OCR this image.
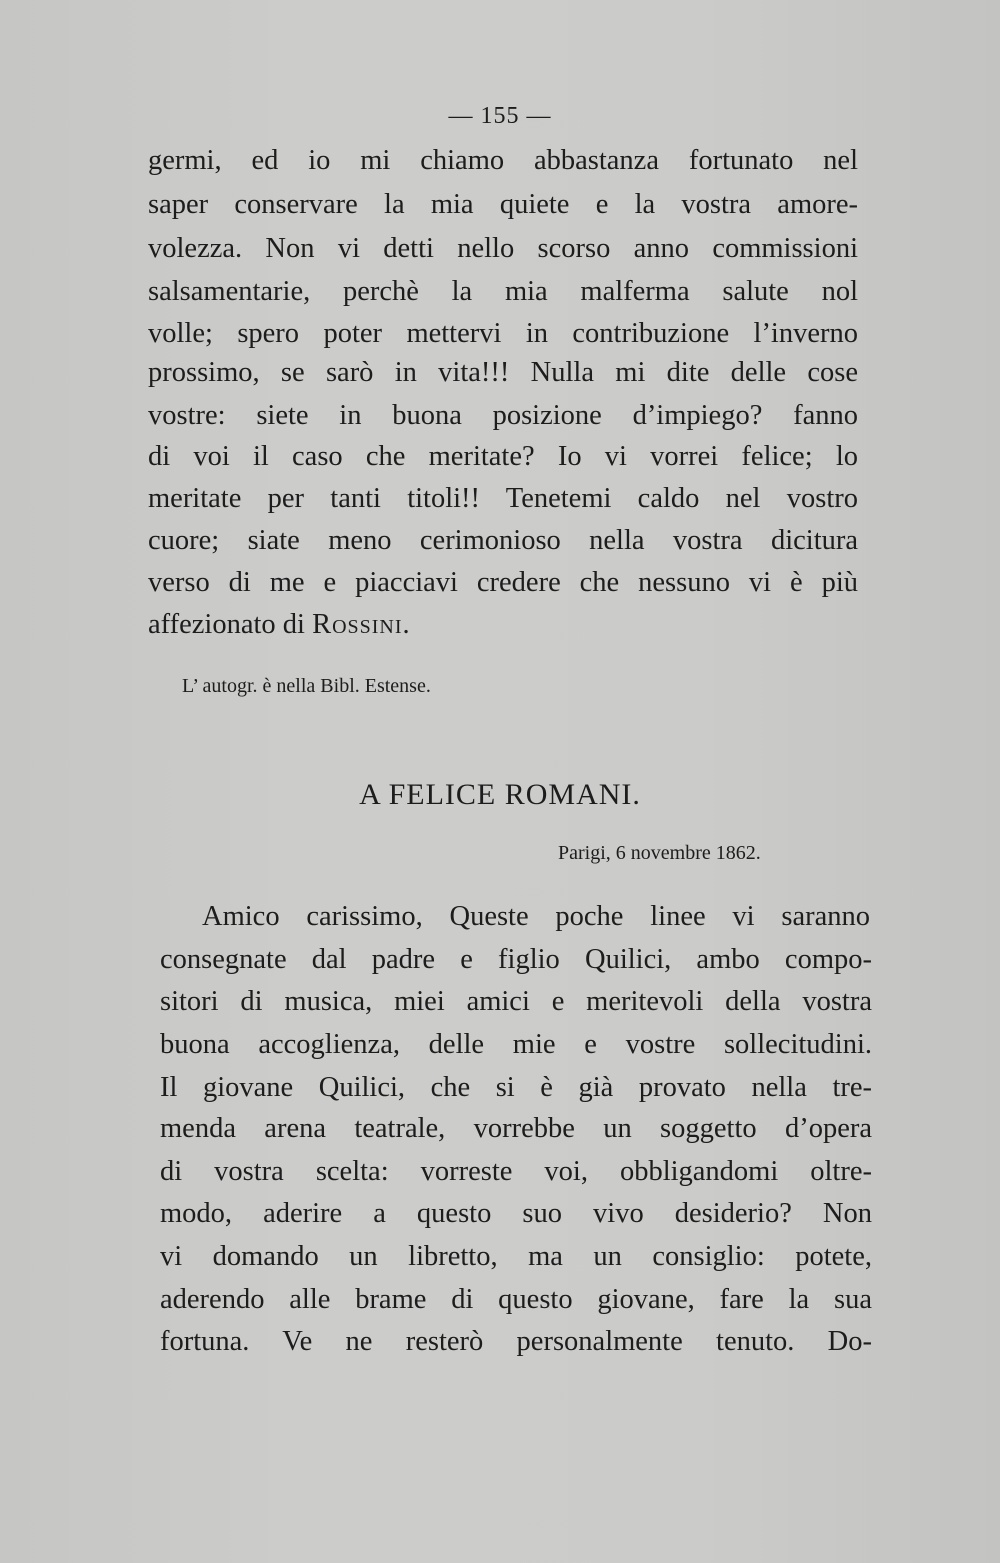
— 155 —
germi, ed io mi chiamo abbastanza fortunato nel
saper conservare la mia quiete e la vostra amore-
volezza. Non vi detti nello scorso anno commissioni
salsamentarie, perchè la mia malferma salute nol
volle; spero poter mettervi in contribuzione l’inverno
prossimo, se sarò in vita!!! Nulla mi dite delle cose
vostre: siete in buona posizione d’impiego? fanno
di voi il caso che meritate? Io vi vorrei felice; lo
meritate per tanti titoli!! Tenetemi caldo nel vostro
cuore; siate meno cerimonioso nella vostra dicitura
verso di me e piacciavi credere che nessuno vi è più
affezionato di Rossini.
L’ autogr. è nella Bibl. Estense.
A FELICE ROMANI.
Parigi, 6 novembre 1862.
Amico carissimo, Queste poche linee vi saranno
consegnate dal padre e figlio Quilici, ambo compo-
sitori di musica, miei amici e meritevoli della vostra
buona accoglienza, delle mie e vostre sollecitudini.
Il giovane Quilici, che si è già provato nella tre-
menda arena teatrale, vorrebbe un soggetto d’opera
di vostra scelta: vorreste voi, obbligandomi oltre-
modo, aderire a questo suo vivo desiderio? Non
vi domando un libretto, ma un consiglio: potete,
aderendo alle brame di questo giovane, fare la sua
fortuna. Ve ne resterò personalmente tenuto. Do-
